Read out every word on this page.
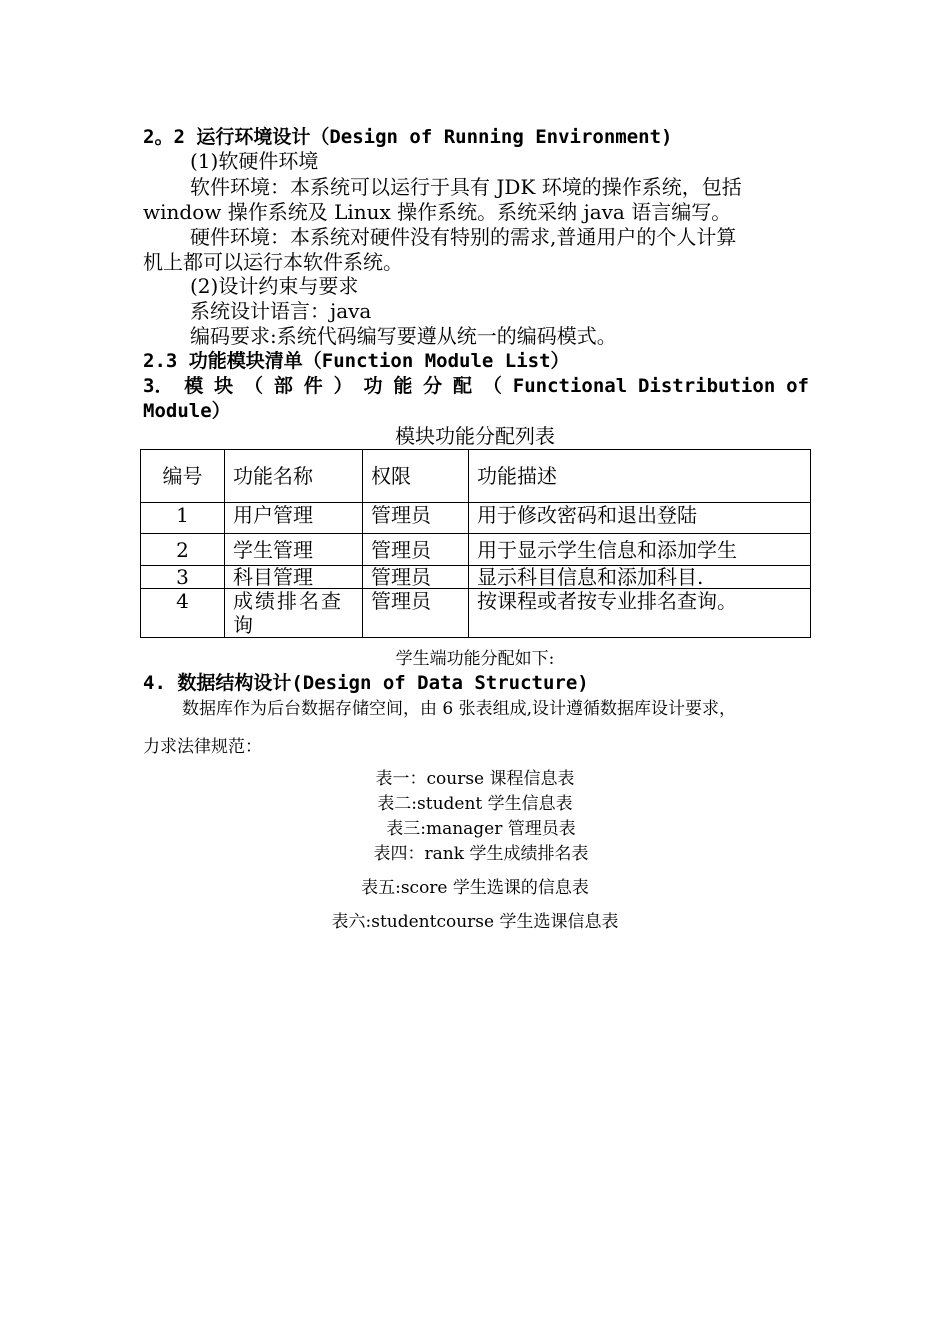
2。2 运行环境设计（Design of Running Environment)
(1)软硬件环境
软件环境：本系统可以运行于具有 JDK 环境的操作系统，包括
window 操作系统及 Linux 操作系统。系统采纳 java 语言编写。
硬件环境：本系统对硬件没有特别的需求,普通用户的个人计算
机上都可以运行本软件系统。
(2)设计约束与要求
系统设计语言：java
编码要求:系统代码编写要遵从统一的编码模式。
2.3 功能模块清单（Function Module List）
3． 模 块 （ 部 件 ） 功 能 分 配 （ Functional Distribution of
Module）
模块功能分配列表
编号	功能名称	权限	功能描述
1	用户管理	管理员	用于修改密码和退出登陆
2	学生管理	管理员	用于显示学生信息和添加学生
3	科目管理	管理员	显示科目信息和添加科目.
4	成绩排名查询	管理员	按课程或者按专业排名查询。
学生端功能分配如下:
4. 数据结构设计(Design of Data Structure)
数据库作为后台数据存储空间，由 6 张表组成,设计遵循数据库设计要求，
力求法律规范：
表一：course 课程信息表
表二:student 学生信息表
表三:manager 管理员表
表四：rank 学生成绩排名表
表五:score 学生选课的信息表
表六:studentcourse 学生选课信息表
